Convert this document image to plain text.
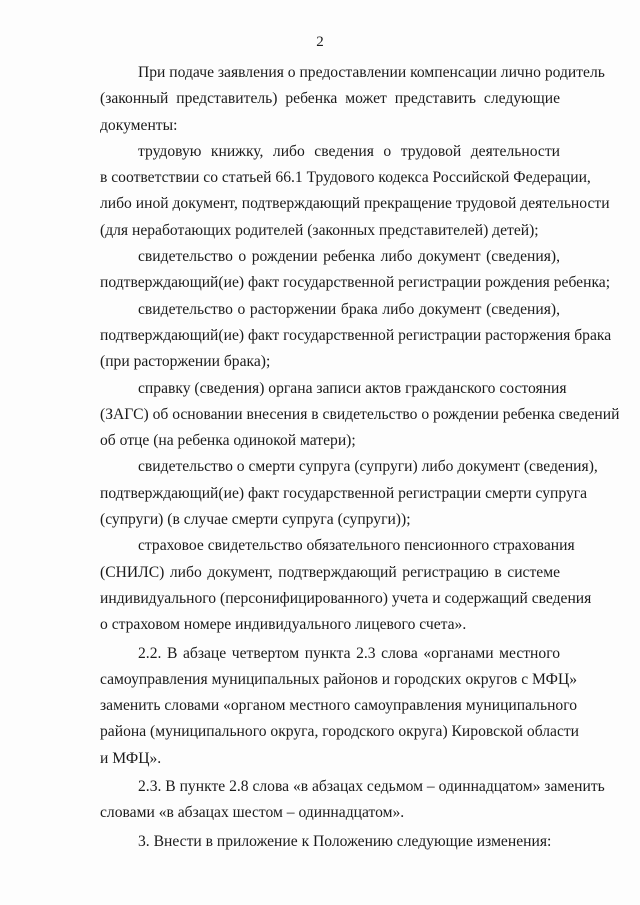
2

При подаче заявления о предоставлении компенсации лично родитель
(законный представитель) ребенка может представить следующие
документы:

трудовую книжку, либо сведения о трудовой деятельности
в соответствии со статьей 66.1 Трудового кодекса Российской Федерации,
либо иной документ, подтверждающий прекращение трудовой деятельности
(для неработающих родителей (законных представителей) детей);

свидетельство о рождении ребенка либо документ (сведения),
подтверждающий(ие) факт государственной регистрации рождения ребенка;

свидетельство о расторжении брака либо документ (сведения),
подтверждающий(ие) факт государственной регистрации расторжения брака
(при расторжении брака);

справку (сведения) органа записи актов гражданского состояния
(ЗАГС) об основании внесения в свидетельство о рождении ребенка сведений
об отце (на ребенка одинокой матери);

свидетельство о смерти супруга (супруги) либо документ (сведения),
подтверждающий(ие) факт государственной регистрации смерти супруга
(супруги) (в случае смерти супруга (супруги));

страховое свидетельство обязательного пенсионного страхования
(СНИЛС) либо документ, подтверждающий регистрацию в системе
индивидуального (персонифицированного) учета и содержащий сведения
о страховом номере индивидуального лицевого счета».

2.2. В абзаце четвертом пункта 2.3 слова «органами местного
самоуправления муниципальных районов и городских округов с МФЦ»
заменить словами «органом местного самоуправления муниципального
района (муниципального округа, городского округа) Кировской области
и МФЦ».

2.3. В пункте 2.8 слова «в абзацах седьмом – одиннадцатом» заменить
словами «в абзацах шестом – одиннадцатом».

3. Внести в приложение к Положению следующие изменения:
